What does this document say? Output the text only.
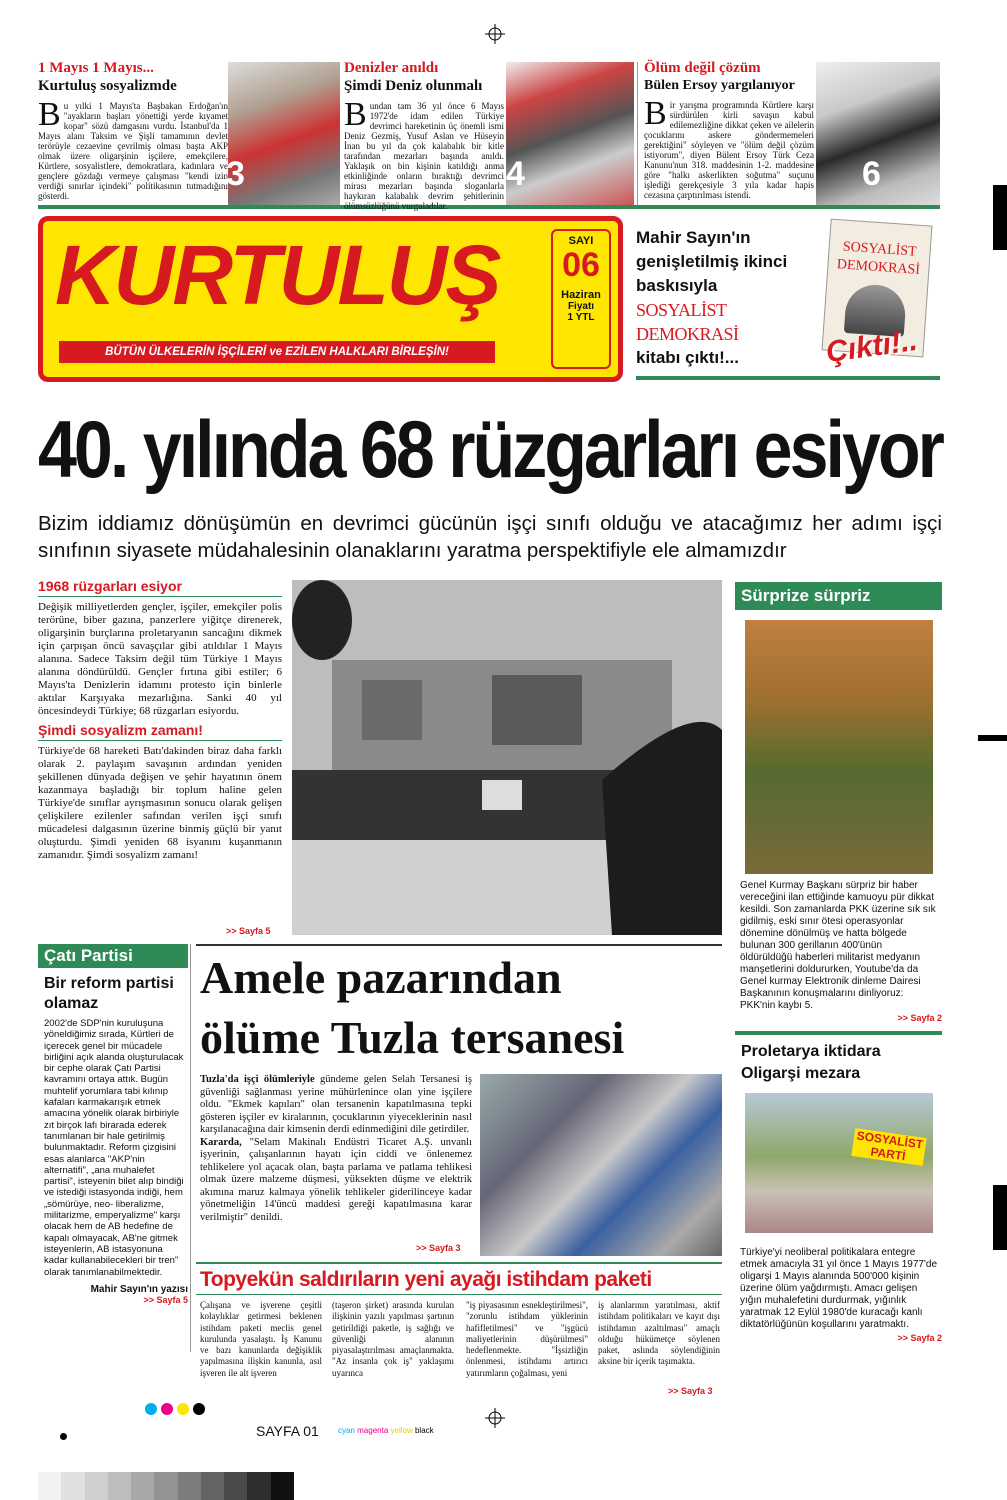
1 Mayıs 1 Mayıs...
Kurtuluş sosyalizmde
Bu yılki 1 Mayıs'ta Başbakan Erdoğan'ın "ayakların başları yönettiği yerde kıyamet kopar" sözü damgasını vurdu. İstanbul'da 1 Mayıs alanı Taksim ve Şişli tamamının devlet terörüyle cezaevine çevrilmiş olması başta AKP olmak üzere oligarşinin işçilere, emekçilere, Kürtlere, sosyalistlere, demokratlara, kadınlara ve gençlere gözdağı vermeye çalışması "kendi izin verdiği sınırlar içindeki" politikasının tutmadığını gösterdi.
3
Denizler anıldı
Şimdi Deniz olunmalı
Bundan tam 36 yıl önce 6 Mayıs 1972'de idam edilen Türkiye devrimci hareketinin üç önemli ismi Deniz Gezmiş, Yusuf Aslan ve Hüseyin İnan bu yıl da çok kalabalık bir kitle tarafından mezarları başında anıldı. Yaklaşık on bin kişinin katıldığı anma etkinliğinde onların bıraktığı devrimci mirası mezarları başında sloganlarla haykıran kalabalık devrim şehitlerinin ölümsüzlüğünü vurguladılar.
4
Ölüm değil çözüm
Bülen Ersoy yargılanıyor
Bir yarışma programında Kürtlere karşı sürdürülen kirli savaşın kabul edilemezliğine dikkat çeken ve ailelerin çocuklarını askere göndermemeleri gerektiğini" söyleyen ve "ölüm değil çözüm istiyorum", diyen Bülent Ersoy Türk Ceza Kanunu'nun 318. maddesinin 1-2. maddesine göre "halkı askerlikten soğutma" suçunu işlediği gerekçesiyle 3 yıla kadar hapis cezasına çarptırılması istendi.
6
KURTULUŞ
BÜTÜN ÜLKELERİN İŞÇİLERİ ve EZİLEN HALKLARI BİRLEŞİN!
SAYI
06
Haziran
Fiyatı
1 YTL
Mahir Sayın'ın
genişletilmiş ikinci
baskısıyla
SOSYALİST DEMOKRASİ
kitabı çıktı!...
SOSYALİST DEMOKRASİ
Çıktı!..
40. yılında 68 rüzgarları esiyor
Bizim iddiamız dönüşümün en devrimci gücünün işçi sınıfı olduğu ve atacağımız her adımı işçi sınıfının siyasete müdahalesinin olanaklarını yaratma perspektifiyle ele almamızdır
1968 rüzgarları esiyor
Değişik milliyetlerden gençler, işçiler, emekçiler polis terörüne, biber gazına, panzerlere yiğitçe direnerek, oligarşinin burçlarına proletaryanın sancağını dikmek için çarpışan öncü savaşçılar gibi atıldılar 1 Mayıs alanına. Sadece Taksim değil tüm Türkiye 1 Mayıs alanına döndürüldü. Gençler fırtına gibi estiler; 6 Mayıs'ta Denizlerin idamını protesto için binlerle aktılar Karşıyaka mezarlığına. Sanki 40 yıl öncesindeydi Türkiye; 68 rüzgarları esiyordu.
Şimdi sosyalizm zamanı!
Türkiye'de 68 hareketi Batı'dakinden biraz daha farklı olarak 2. paylaşım savaşının ardından yeniden şekillenen dünyada değişen ve şehir hayatının önem kazanmaya başladığı bir toplum haline gelen Türkiye'de sınıflar ayrışmasının sonucu olarak gelişen çelişkilere ezilenler safından verilen işçi sınıfı mücadelesi dalgasının üzerine binmiş güçlü bir yanıt oluşturdu. Şimdi yeniden 68 isyanını kuşanmanın zamanıdır. Şimdi sosyalizm zamanı!
>> Sayfa 5
Sürprize sürpriz
Genel Kurmay Başkanı sürpriz bir haber vereceğini ilan ettiğinde kamuoyu pür dikkat kesildi. Son zamanlarda PKK üzerine sık sık gidilmiş, eski sınır ötesi operasyonlar dönemine dönülmüş ve hatta bölgede bulunan 300 gerillanın 400'ünün öldürüldüğü haberleri militarist medyanın manşetlerini doldururken, Youtube'da da Genel kurmay Elektronik dinleme Dairesi Başkanının konuşmalarını dinliyoruz: PKK'nin kaybı 5.
>> Sayfa 2
Proletarya iktidara
Oligarşi mezara
SOSYALİST PARTİ
Türkiye'yi neoliberal politikalara entegre etmek amacıyla 31 yıl önce 1 Mayıs 1977'de oligarşi 1 Mayıs alanında 500'000 kişinin üzerine ölüm yağdırmıştı. Amacı gelişen yığın muhalefetini durdurmak, yığınlık yaratmak 12 Eylül 1980'de kuracağı kanlı diktatörlüğünün koşullarını yaratmaktı.
>> Sayfa 2
Çatı Partisi
Bir reform partisi olamaz
2002'de SDP'nin kuruluşuna yöneldiğimiz sırada, Kürtleri de içerecek genel bir mücadele birliğini açık alanda oluşturulacak bir cephe olarak Çatı Partisi kavramını ortaya attık. Bugün muhtelif yorumlara tabi kılınıp kafaları karmakarışık etmek amacına yönelik olarak birbiriyle zıt birçok lafı birarada ederek tanımlanan bir hale getirilmiş bulunmaktadır. Reform çizgisini esas alanlarca "AKP'nin alternatifi", „ana muhalefet partisi", isteyenin bilet alıp bindiği ve istediği istasyonda indiği, hem „sömürüye, neo- liberalizme, militarizme, emperyalizme" karşı olacak hem de AB hedefine de kapalı olmayacak, AB'ne gitmek isteyenlerin, AB istasyonuna kadar kullanabilecekleri bir tren" olarak tanımlanabilmektedir.
Mahir Sayın'ın yazısı
>> Sayfa 5
Amele pazarından
ölüme Tuzla tersanesi
Tuzla'da işçi ölümleriyle gündeme gelen Selah Tersanesi iş güvenliği sağlanması yerine mühürlenince olan yine işçilere oldu. "Ekmek kapıları" olan tersanenin kapatılmasına tepki gösteren işçiler ev kiralarının, çocuklarının yiyeceklerinin nasıl karşılanacağına dair kimsenin derdi edinmediğini dile getirdiler.
Kararda, "Selam Makinalı Endüstri Ticaret A.Ş. unvanlı işyerinin, çalışanlarının hayatı için ciddi ve önlenemez tehlikelere yol açacak olan, başta parlama ve patlama tehlikesi olmak üzere malzeme düşmesi, yüksekten düşme ve elektrik akımına maruz kalmaya yönelik tehlikeler giderilinceye kadar yönetmeliğin 14'üncü maddesi gereği kapatılmasına karar verilmiştir" denildi.
>> Sayfa 3
Topyekün saldırıların yeni ayağı istihdam paketi
Çalışana ve işverene çeşitli kolaylıklar getirmesi beklenen istihdam paketi meclis genel kurulunda yasalaştı. İş Kanunu ve bazı kanunlarda değişiklik yapılmasına ilişkin kanunla, asıl işveren ile alt işveren
(taşeron şirket) arasında kurulan ilişkinin yazılı yapılması şartının getirildiği paketle, iş sağlığı ve güvenliği alanının piyasalaştırılması amaçlanmakta. "Az insanla çok iş" yaklaşımı uyarınca
"iş piyasasının esnekleştirilmesi", "zorunlu istihdam yüklerinin hafifletilmesi" ve "işgücü maliyetlerinin düşürülmesi" hedeflenmekte. "İşsizliğin önlenmesi, istihdamı artırıcı yatırımların çoğalması, yeni
iş alanlarının yaratılması, aktif istihdam politikaları ve kayıt dışı istihdamın azaltılması" amaçlı olduğu hükümetçe söylenen paket, aslında söylendiğinin aksine bir içerik taşımakta.
>> Sayfa 3
SAYFA 01 cyan magenta yellow black
